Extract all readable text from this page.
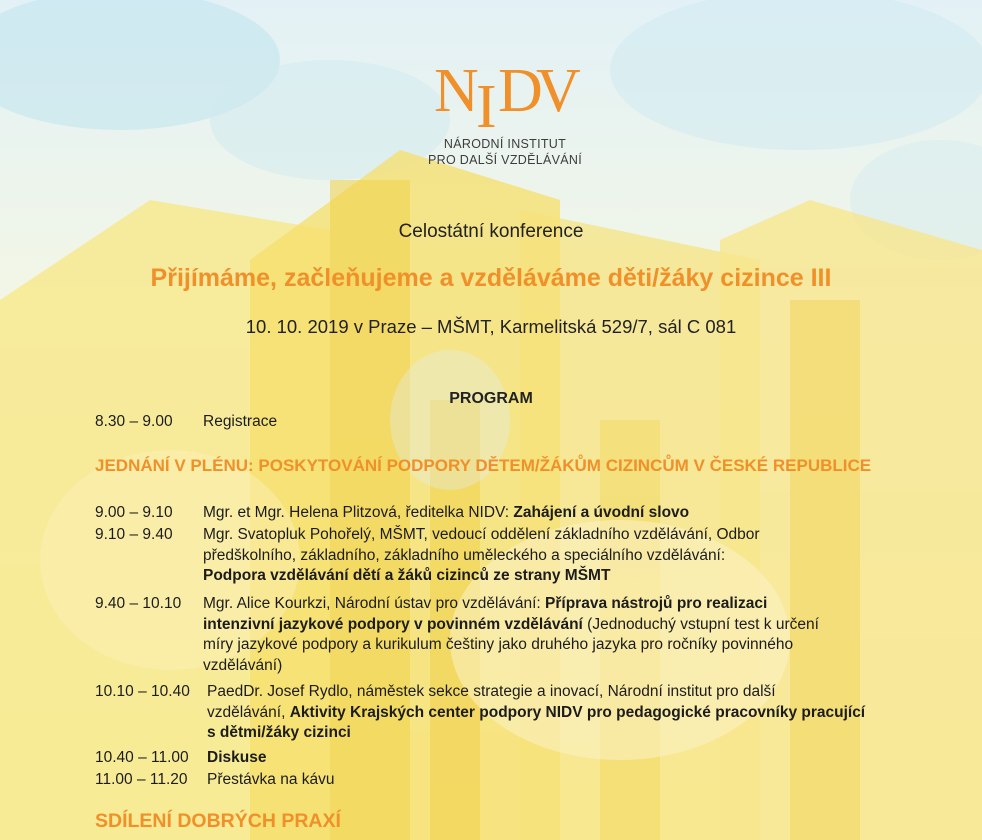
N
I D
V
NÁRODNÍ INSTITUT
PRO DALŠÍ VZDĚLÁVÁNÍ
Celostátní konference
Přijímáme, začleňujeme a vzděláváme děti/žáky cizince III
10. 10. 2019 v Praze – MŠMT, Karmelitská 529/7, sál C 081
PROGRAM
8.30 – 9.00 Registrace
JEDNÁNÍ V PLÉNU: POSKYTOVÁNÍ PODPORY DĚTEM/ŽÁKŮM CIZINCŮM V ČESKÉ REPUBLICE
9.00 – 9.10 Mgr. et Mgr. Helena Plitzová, ředitelka NIDV: Zahájení a úvodní slovo
9.10 – 9.40 Mgr. Svatopluk Pohořelý, MŠMT, vedoucí oddělení základního vzdělávání, Odbor
předškolního, základního, základního uměleckého a speciálního vzdělávání:
Podpora vzdělávání dětí a žáků cizinců ze strany MŠMT
9.40 – 10.10 Mgr. Alice Kourkzi, Národní ústav pro vzdělávání: Příprava nástrojů pro realizaci
intenzivní jazykové podpory v povinném vzdělávání (Jednoduchý vstupní test k určení
míry jazykové podpory a kurikulum češtiny jako druhého jazyka pro ročníky povinného
vzdělávání)
10.10 – 10.40 PaedDr. Josef Rydlo, náměstek sekce strategie a inovací, Národní institut pro další
vzdělávání, Aktivity Krajských center podpory NIDV pro pedagogické pracovníky pracující
s dětmi/žáky cizinci
10.40 – 11.00 Diskuse
11.00 – 11.20 Přestávka na kávu
SDÍLENÍ DOBRÝCH PRAXÍ
